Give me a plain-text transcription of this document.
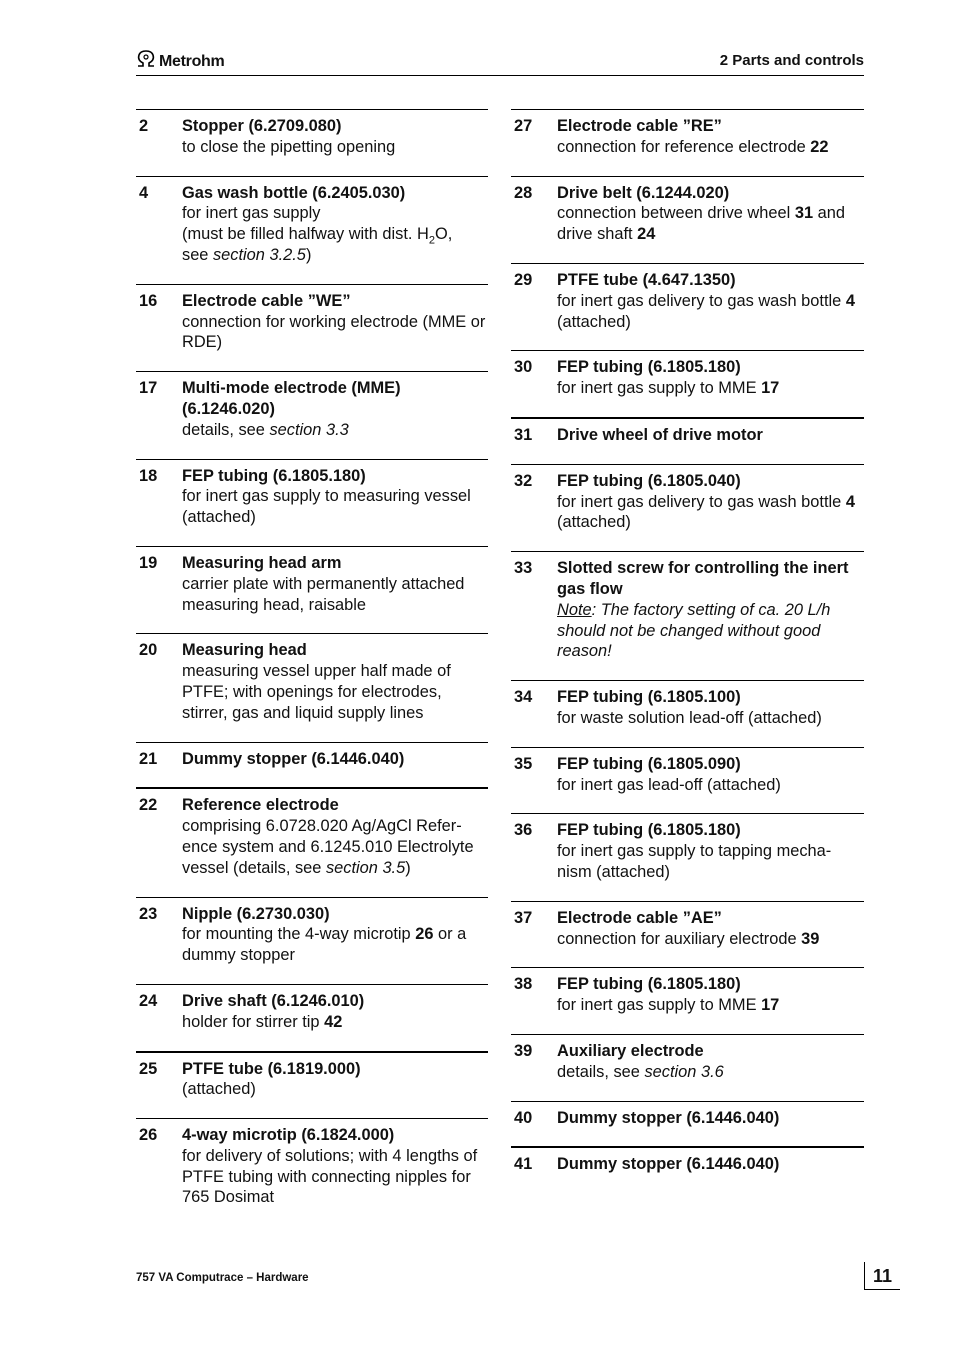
Metrohm	2 Parts and controls
2	Stopper (6.2709.080)
to close the pipetting opening
4	Gas wash bottle (6.2405.030)
for inert gas supply
(must be filled halfway with dist. $H_2O$,
see section 3.2.5)
16	Electrode cable ”WE”
connection for working electrode (MME or RDE)
17	Multi-mode electrode (MME) (6.1246.020)
details, see section 3.3
18	FEP tubing (6.1805.180)
for inert gas supply to measuring vessel (attached)
19	Measuring head arm
carrier plate with permanently attached measuring head, raisable
20	Measuring head
measuring vessel upper half made of PTFE; with openings for electrodes, stirrer, gas and liquid supply lines
21	Dummy stopper (6.1446.040)
22	Reference electrode
comprising 6.0728.020 Ag/AgCl Refer-ence system and 6.1245.010 Electrolyte vessel (details, see section 3.5)
23	Nipple (6.2730.030)
for mounting the 4-way microtip 26 or a dummy stopper
24	Drive shaft (6.1246.010)
holder for stirrer tip 42
25	PTFE tube (6.1819.000)
(attached)
26	4-way microtip (6.1824.000)
for delivery of solutions; with 4 lengths of PTFE tubing with connecting nipples for 765 Dosimat
27	Electrode cable ”RE”
connection for reference electrode 22
28	Drive belt (6.1244.020)
connection between drive wheel 31 and drive shaft 24
29	PTFE tube (4.647.1350)
for inert gas delivery to gas wash bottle 4 (attached)
30	FEP tubing (6.1805.180)
for inert gas supply to MME 17
31	Drive wheel of drive motor
32	FEP tubing (6.1805.040)
for inert gas delivery to gas wash bottle 4 (attached)
33	Slotted screw for controlling the inert gas flow
Note: The factory setting of ca. 20 L/h should not be changed without good reason!
34	FEP tubing (6.1805.100)
for waste solution lead-off (attached)
35	FEP tubing (6.1805.090)
for inert gas lead-off (attached)
36	FEP tubing (6.1805.180)
for inert gas supply to tapping mecha-nism (attached)
37	Electrode cable ”AE”
connection for auxiliary electrode 39
38	FEP tubing (6.1805.180)
for inert gas supply to MME 17
39	Auxiliary electrode
details, see section 3.6
40	Dummy stopper (6.1446.040)
41	Dummy stopper (6.1446.040)
757 VA Computrace – Hardware	11
